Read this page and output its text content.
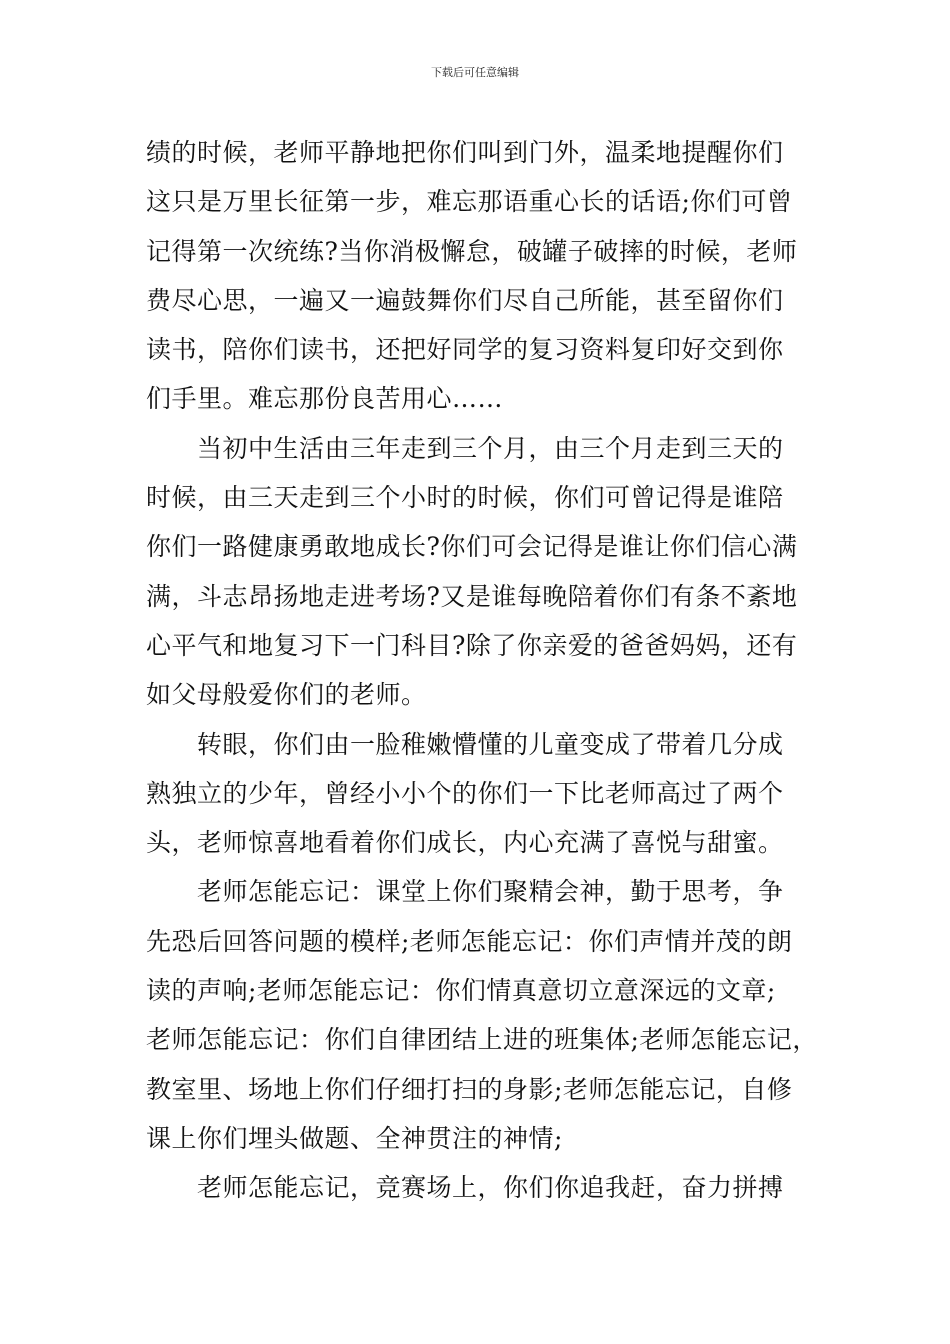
下载后可任意编辑
绩的时候，老师平静地把你们叫到门外，温柔地提醒你们
这只是万里长征第一步，难忘那语重心长的话语;你们可曾
记得第一次统练?当你消极懈怠，破罐子破摔的时候，老师
费尽心思，一遍又一遍鼓舞你们尽自己所能，甚至留你们
读书，陪你们读书，还把好同学的复习资料复印好交到你
们手里。难忘那份良苦用心……
　　当初中生活由三年走到三个月，由三个月走到三天的
时候，由三天走到三个小时的时候，你们可曾记得是谁陪
你们一路健康勇敢地成长?你们可会记得是谁让你们信心满
满，斗志昂扬地走进考场?又是谁每晚陪着你们有条不紊地
心平气和地复习下一门科目?除了你亲爱的爸爸妈妈，还有
如父母般爱你们的老师。
　　转眼，你们由一脸稚嫩懵懂的儿童变成了带着几分成
熟独立的少年，曾经小小个的你们一下比老师高过了两个
头，老师惊喜地看着你们成长，内心充满了喜悦与甜蜜。
　　老师怎能忘记：课堂上你们聚精会神，勤于思考，争
先恐后回答问题的模样;老师怎能忘记：你们声情并茂的朗
读的声响;老师怎能忘记：你们情真意切立意深远的文章;
老师怎能忘记：你们自律团结上进的班集体;老师怎能忘记，
教室里、场地上你们仔细打扫的身影;老师怎能忘记，自修
课上你们埋头做题、全神贯注的神情;
　　老师怎能忘记，竞赛场上，你们你追我赶，奋力拼搏
